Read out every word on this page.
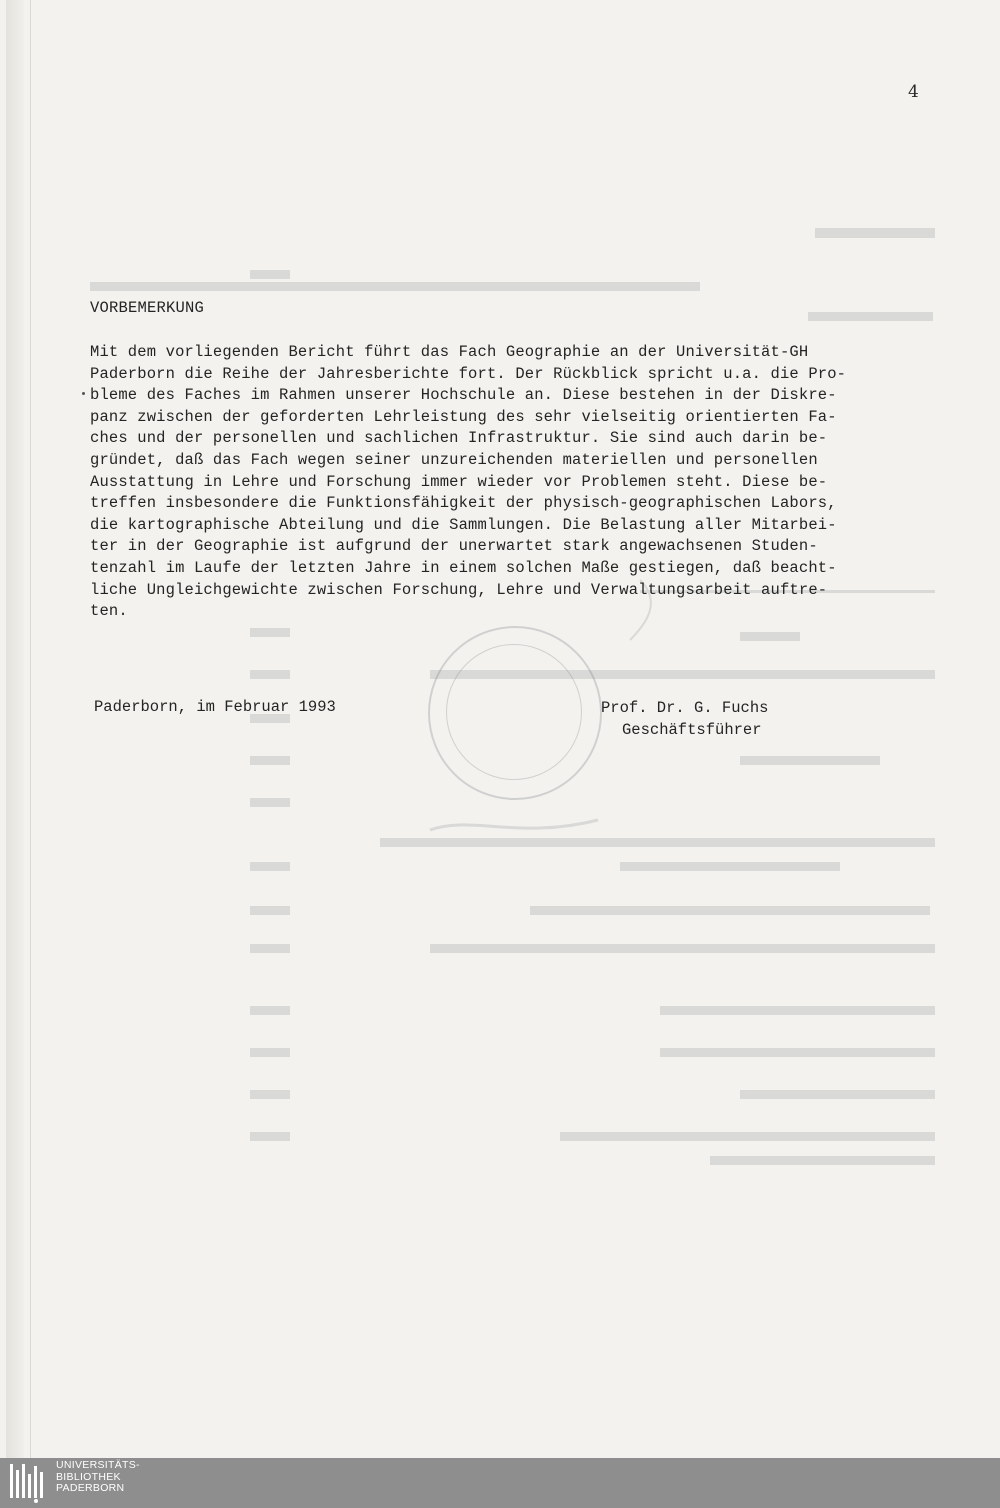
4
VORBEMERKUNG
Mit dem vorliegenden Bericht führt das Fach Geographie an der Universität-GH
Paderborn die Reihe der Jahresberichte fort. Der Rückblick spricht u.a. die Pro-
bleme des Faches im Rahmen unserer Hochschule an. Diese bestehen in der Diskre-
panz zwischen der geforderten Lehrleistung des sehr vielseitig orientierten Fa-
ches und der personellen und sachlichen Infrastruktur. Sie sind auch darin be-
gründet, daß das Fach wegen seiner unzureichenden materiellen und personellen
Ausstattung in Lehre und Forschung immer wieder vor Problemen steht. Diese be-
treffen insbesondere die Funktionsfähigkeit der physisch-geographischen Labors,
die kartographische Abteilung und die Sammlungen. Die Belastung aller Mitarbei-
ter in der Geographie ist aufgrund der unerwartet stark angewachsenen Studen-
tenzahl im Laufe der letzten Jahre in einem solchen Maße gestiegen, daß beacht-
liche Ungleichgewichte zwischen Forschung, Lehre und Verwaltungsarbeit auftre-
ten.
Paderborn, im Februar 1993	Prof. Dr. G. Fuchs
Geschäftsführer
UNIVERSITÄTS-
BIBLIOTHEK
PADERBORN
